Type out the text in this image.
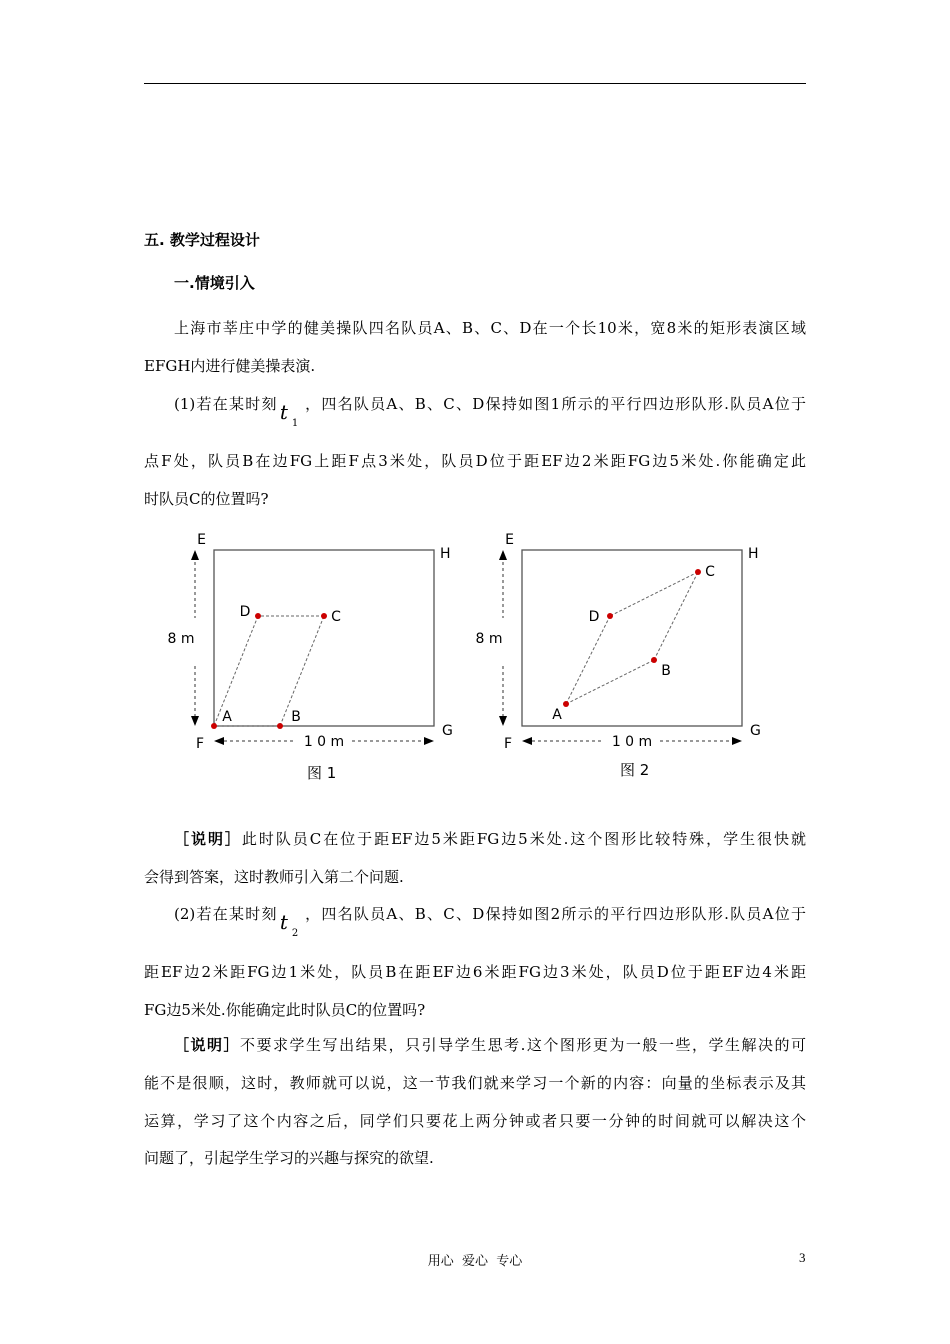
五. 教学过程设计
一.情境引入
上海市莘庄中学的健美操队四名队员A、B、C、D在一个长10米，宽8米的矩形表演区域
EFGH内进行健美操表演.
(1)若在某时刻 t 1
，四名队员A、B、C、D保持如图1所示的平行四边形队形.队员A位于
点F处，队员B在边FG上距F点3米处，队员D位于距EF边2米距FG边5米处.你能确定此
时队员C的位置吗?
E
H
F
G
8 m
1 0 m
A	B
C
D
图 1
E
H
F
G
8 m
1 0 m
A
B
C
D
图 2
［说明］此时队员C在位于距EF边5米距FG边5米处.这个图形比较特殊，学生很快就
会得到答案，这时教师引入第二个问题.
(2)若在某时刻 t 2
，四名队员A、B、C、D保持如图2所示的平行四边形队形.队员A位于
距EF边2米距FG边1米处，队员B在距EF边6米距FG边3米处，队员D位于距EF边4米距
FG边5米处.你能确定此时队员C的位置吗?
［说明］不要求学生写出结果，只引导学生思考.这个图形更为一般一些，学生解决的可
能不是很顺，这时，教师就可以说，这一节我们就来学习一个新的内容：向量的坐标表示及其
运算，学习了这个内容之后，同学们只要花上两分钟或者只要一分钟的时间就可以解决这个
问题了，引起学生学习的兴趣与探究的欲望.
用心  爱心  专心	3
